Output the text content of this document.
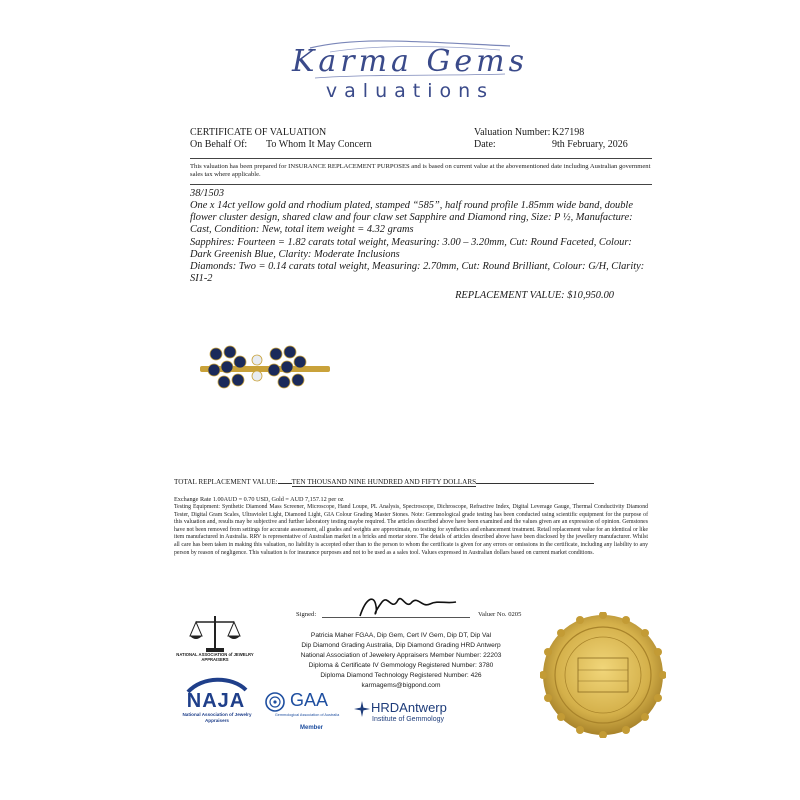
Karma Gems
valuations
CERTIFICATE OF VALUATION
On Behalf Of: To Whom It May Concern
Valuation Number: K27198
Date:	9th February, 2026
This valuation has been prepared for INSURANCE REPLACEMENT PURPOSES and is based on current value at the abovementioned date including Australian government sales tax where applicable.
38/1503

One x 14ct yellow gold and rhodium plated, stamped “585”, half round profile 1.85mm wide band, double flower cluster design, shared claw and four claw set Sapphire and Diamond ring, Size: P ½, Manufacture: Cast, Condition: New, total item weight = 4.32 grams

Sapphires: Fourteen = 1.82 carats total weight, Measuring: 3.00 – 3.20mm, Cut: Round Faceted, Colour: Dark Greenish Blue, Clarity: Moderate Inclusions

Diamonds: Two = 0.14 carats total weight, Measuring: 2.70mm, Cut: Round Brilliant, Colour: G/H, Clarity: SI1-2

REPLACEMENT VALUE: $10,950.00
TOTAL REPLACEMENT VALUE: TEN THOUSAND NINE HUNDRED AND FIFTY DOLLARS
Exchange Rate 1.00AUD = 0.70 USD, Gold = AUD 7,157.12 per oz
Testing Equipment: Synthetic Diamond Mass Screener, Microscope, Hand Loupe, PL Analysis, Spectroscope, Dichroscope, Refractive Index, Digital Leverage Gauge, Thermal Conductivity Diamond Tester, Digital Gram Scales, Ultraviolet Light, Diamond Light, GIA Colour Grading Master Stones. Note: Gemmological grade testing has been conducted using scientific equipment for the purpose of this valuation and, results may be subjective and further laboratory testing maybe required. The articles described above have been examined and the values given are an expression of opinion. Gemstones have not been removed from settings for accurate assessment, all grades and weights are approximate, no testing for synthetics and enhancement treatment. Retail replacement value for an identical or like item manufactured in Australia. RRV is representative of Australian market in a bricks and mortar store. The details of articles described above have been disclosed by the jewellery manufacturer. Whilst all care has been taken in making this valuation, no liability is accepted other than to the person to whom the certificate is given for any errors or omissions in the certificate, including any liability to any person by reason of negligence. This valuation is for insurance purposes and not to be used as a sales tool. Values expressed in Australian dollars based on current market conditions.
Signed:	Valuer No. 0205
Patricia Maher FGAA, Dip Gem, Cert IV Gem, Dip DT, Dip Val
Dip Diamond Grading Australia, Dip Diamond Grading HRD Antwerp
National Association of Jewelery Appraisers Member Number: 22203
Diploma & Certificate IV Gemmology Registered Number: 3780
Diploma Diamond Technology Registered Number: 426
karmagems@bigpond.com
NATIONAL ASSOCIATION of JEWELRY APPRAISERS
NAJA
National Association of Jewelry Appraisers
GAA
Gemmological Association of Australia
Member
HRDAntwerp
Institute of Gemmology
